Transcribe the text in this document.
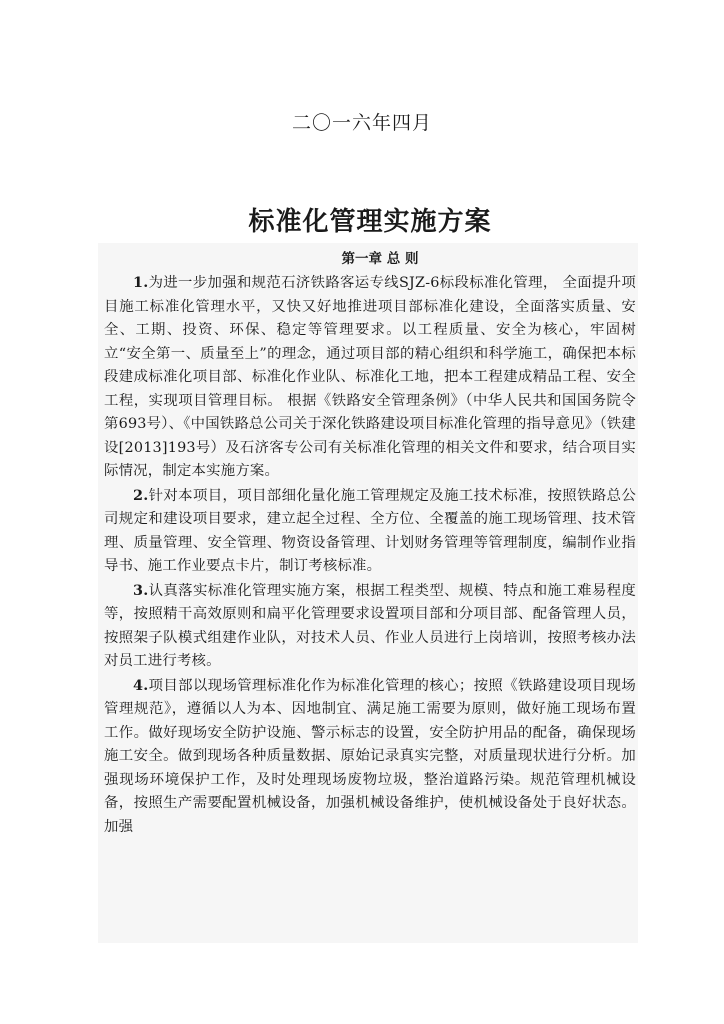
二〇一六年四月
标准化管理实施方案
第一章 总 则

1.为进一步加强和规范石济铁路客运专线SJZ-6标段标准化管理， 全面提升项目施工标准化管理水平，又快又好地推进项目部标准化建设，全面落实质量、安全、工期、投资、环保、稳定等管理要求。以工程质量、安全为核心，牢固树立“安全第一、质量至上”的理念，通过项目部的精心组织和科学施工，确保把本标段建成标准化项目部、标准化作业队、标准化工地，把本工程建成精品工程、安全工程，实现项目管理目标。 根据《铁路安全管理条例》（中华人民共和国国务院令第693号）、《中国铁路总公司关于深化铁路建设项目标准化管理的指导意见》（铁建设[2013]193号）及石济客专公司有关标准化管理的相关文件和要求，结合项目实际情况，制定本实施方案。

2.针对本项目，项目部细化量化施工管理规定及施工技术标准，按照铁路总公司规定和建设项目要求，建立起全过程、全方位、全覆盖的施工现场管理、技术管理、质量管理、安全管理、物资设备管理、计划财务管理等管理制度，编制作业指导书、施工作业要点卡片，制订考核标准。

3.认真落实标准化管理实施方案，根据工程类型、规模、特点和施工难易程度等，按照精干高效原则和扁平化管理要求设置项目部和分项目部、配备管理人员，按照架子队模式组建作业队，对技术人员、作业人员进行上岗培训，按照考核办法对员工进行考核。

4.项目部以现场管理标准化作为标准化管理的核心；按照《铁路建设项目现场管理规范》，遵循以人为本、因地制宜、满足施工需要为原则，做好施工现场布置工作。做好现场安全防护设施、警示标志的设置，安全防护用品的配备，确保现场施工安全。做到现场各种质量数据、原始记录真实完整，对质量现状进行分析。加强现场环境保护工作，及时处理现场废物垃圾，整治道路污染。规范管理机械设备，按照生产需要配置机械设备，加强机械设备维护，使机械设备处于良好状态。加强
